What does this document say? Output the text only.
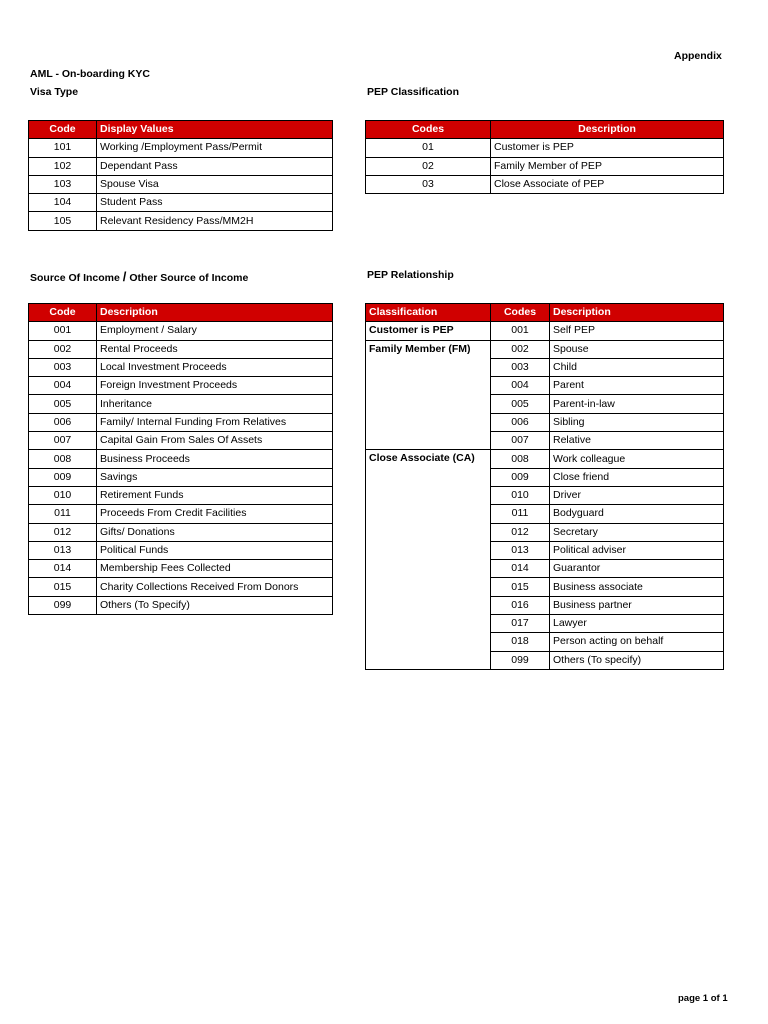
Appendix
AML - On-boarding KYC
Visa Type
Code	Display Values
101	Working /Employment Pass/Permit
102	Dependant Pass
103	Spouse Visa
104	Student Pass
105	Relevant Residency Pass/MM2H
PEP Classification
Codes	Description
01	Customer is PEP
02	Family Member of PEP
03	Close Associate of PEP
Source Of Income / Other Source of Income
Code	Description
001	Employment / Salary
002	Rental Proceeds
003	Local Investment Proceeds
004	Foreign Investment Proceeds
005	Inheritance
006	Family/ Internal Funding From Relatives
007	Capital Gain From Sales Of Assets
008	Business Proceeds
009	Savings
010	Retirement Funds
011	Proceeds From Credit Facilities
012	Gifts/ Donations
013	Political Funds
014	Membership Fees Collected
015	Charity Collections Received From Donors
099	Others (To Specify)
PEP Relationship
Classification	Codes	Description
Customer is PEP	001	Self PEP
Family Member (FM)	002	Spouse
	003	Child
	004	Parent
	005	Parent-in-law
	006	Sibling
	007	Relative
Close Associate (CA)	008	Work colleague
	009	Close friend
	010	Driver
	011	Bodyguard
	012	Secretary
	013	Political adviser
	014	Guarantor
	015	Business associate
	016	Business partner
	017	Lawyer
	018	Person acting on behalf
	099	Others (To specify)
page 1 of 1
